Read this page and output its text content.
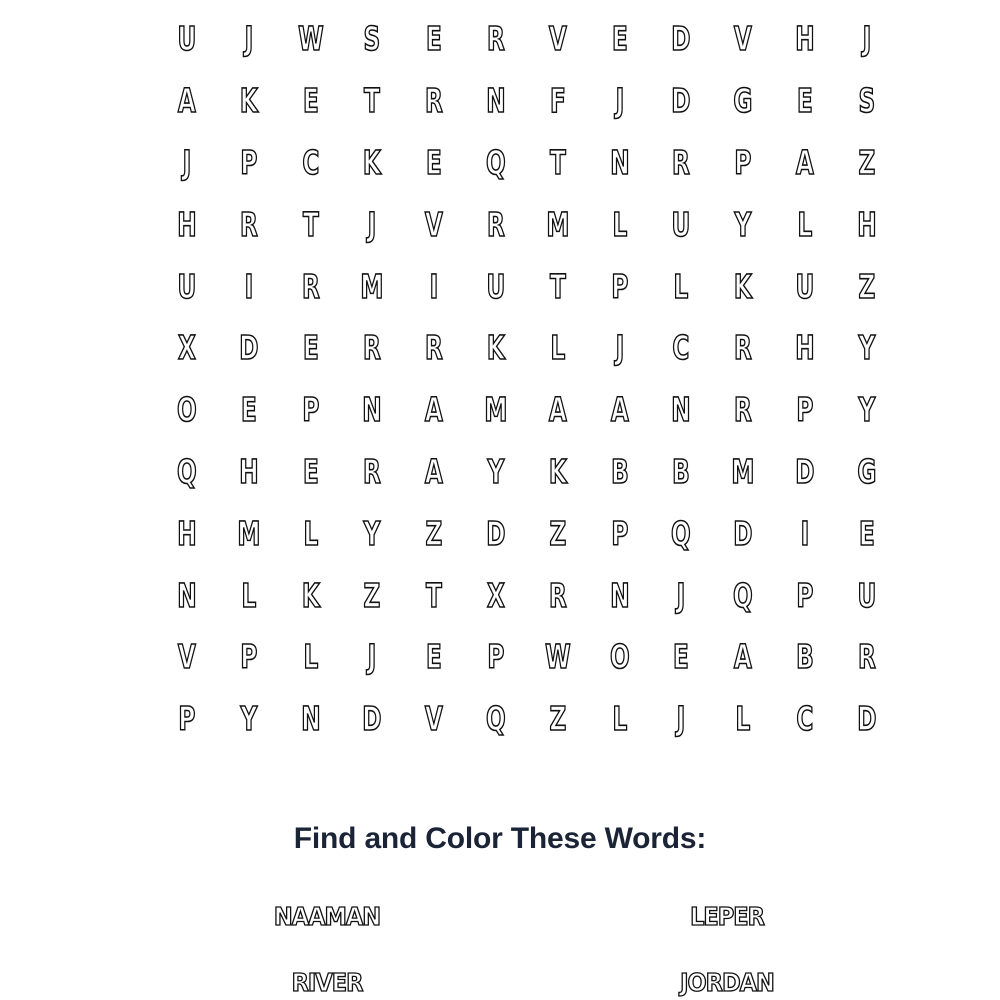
U	J	W	S	E	R	V	E	D	V	H	J
A	K	E	T	R	N	F	J	D	G	E	S
J	P	C	K	E	Q	T	N	R	P	A	Z
H	R	T	J	V	R	M	L	U	Y	L	H
U	I	R	M	I	U	T	P	L	K	U	Z
X	D	E	R	R	K	L	J	C	R	H	Y
O	E	P	N	A	M	A	A	N	R	P	Y
Q	H	E	R	A	Y	K	B	B	M	D	G
H	M	L	Y	Z	D	Z	P	Q	D	I	E
N	L	K	Z	T	X	R	N	J	Q	P	U
V	P	L	J	E	P	W	O	E	A	B	R
P	Y	N	D	V	Q	Z	L	J	L	C	D
Find and Color These Words:
NAAMAN	LEPER
RIVER	JORDAN
